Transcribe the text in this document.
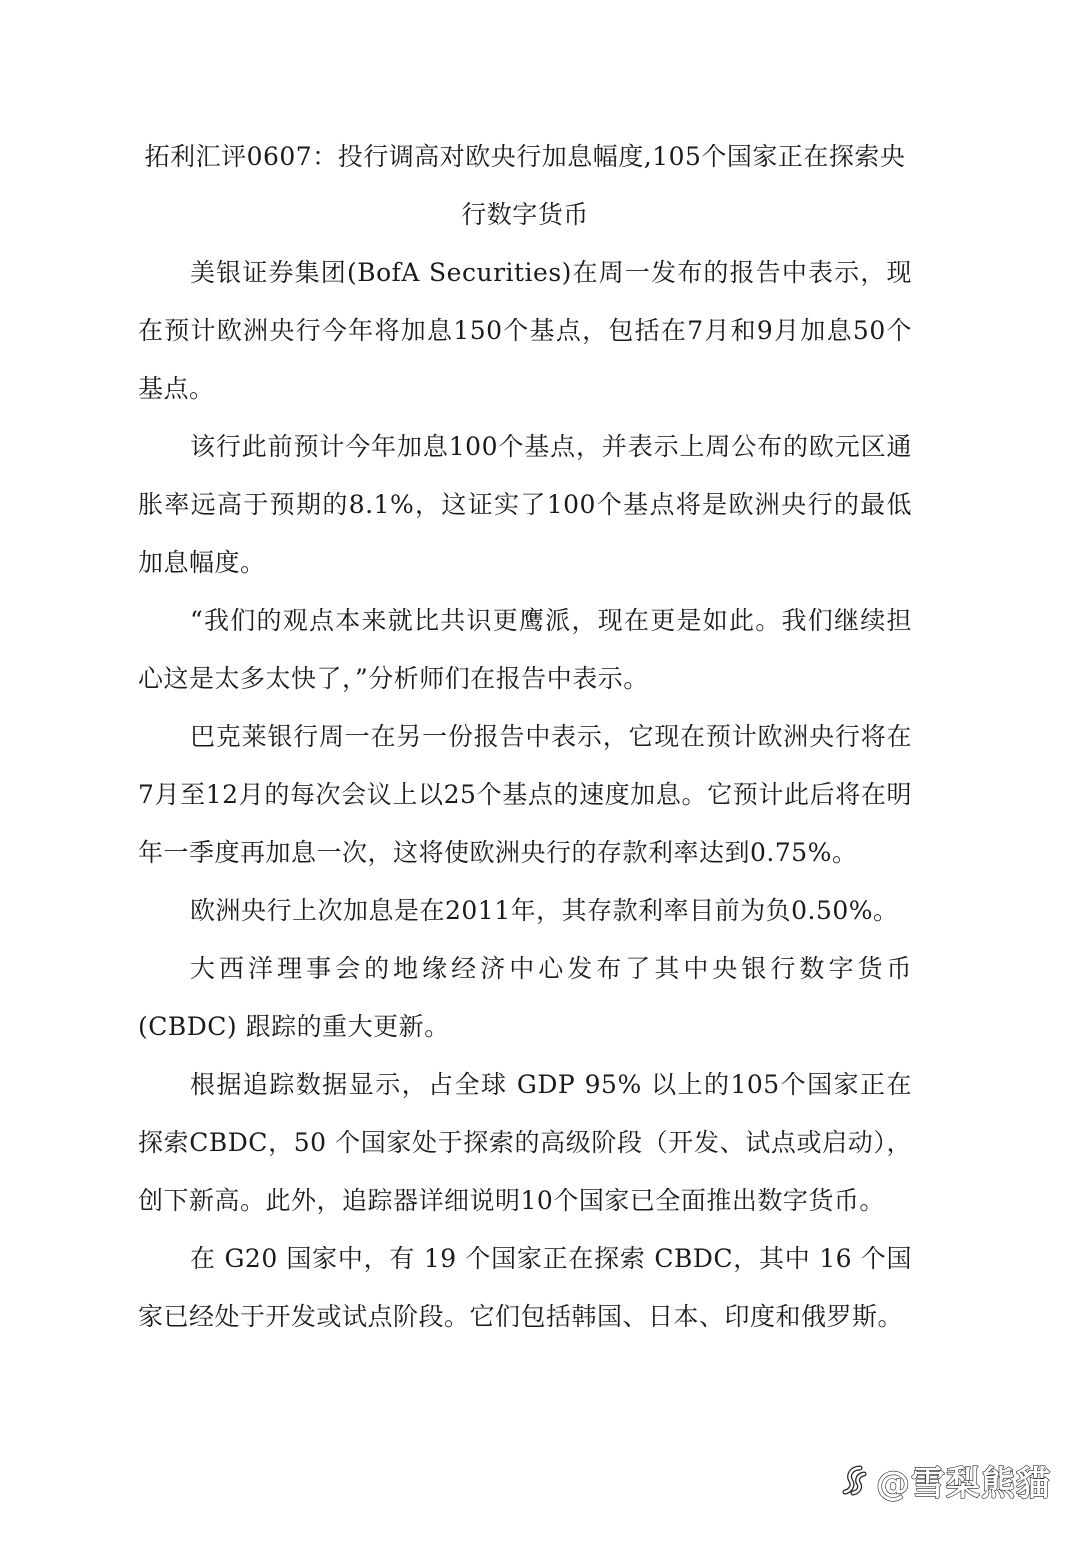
拓利汇评0607：投行调高对欧央行加息幅度,105个国家正在探索央行数字货币

美银证券集团(BofA Securities)在周一发布的报告中表示，现在预计欧洲央行今年将加息150个基点，包括在7月和9月加息50个基点。

该行此前预计今年加息100个基点，并表示上周公布的欧元区通胀率远高于预期的8.1%，这证实了100个基点将是欧洲央行的最低加息幅度。

“我们的观点本来就比共识更鹰派，现在更是如此。我们继续担心这是太多太快了，”分析师们在报告中表示。

巴克莱银行周一在另一份报告中表示，它现在预计欧洲央行将在7月至12月的每次会议上以25个基点的速度加息。它预计此后将在明年一季度再加息一次，这将使欧洲央行的存款利率达到0.75%。

欧洲央行上次加息是在2011年，其存款利率目前为负0.50%。

大西洋理事会的地缘经济中心发布了其中央银行数字货币(CBDC) 跟踪的重大更新。

根据追踪数据显示，占全球 GDP 95% 以上的105个国家正在探索CBDC，50 个国家处于探索的高级阶段（开发、试点或启动），创下新高。此外，追踪器详细说明10个国家已全面推出数字货币。

在 G20 国家中，有 19 个国家正在探索 CBDC，其中 16 个国家已经处于开发或试点阶段。它们包括韩国、日本、印度和俄罗斯。

@雪梨熊貓
